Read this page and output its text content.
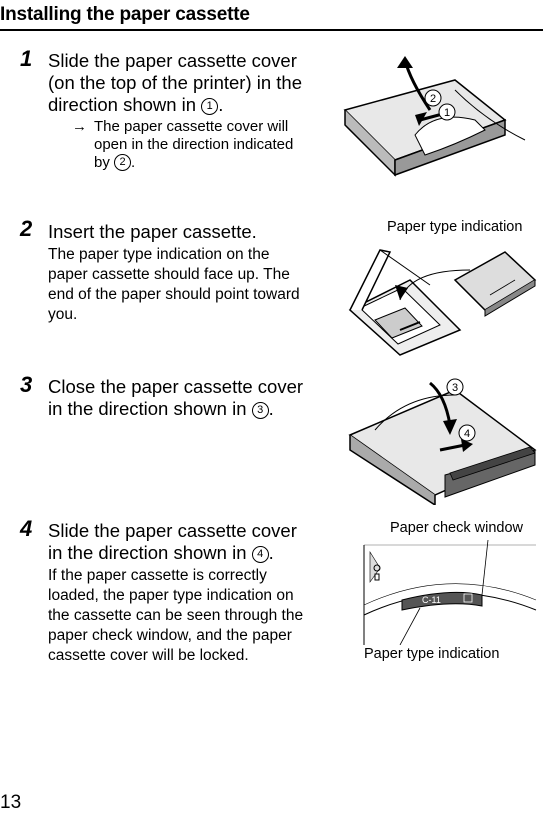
Installing the paper cassette
1 Slide the paper cassette cover
(on the top of the printer) in the
direction shown in 1 .
→ The paper cassette cover will
open in the direction indicated
by 2 .
2
1
2 Insert the paper cassette.
The paper type indication on the
paper cassette should face up. The
end of the paper should point toward
you.
Paper type indication
3 Close the paper cassette cover
in the direction shown in 3 .
3
4
4 Slide the paper cassette cover
in the direction shown in 4 .
If the paper cassette is correctly
loaded, the paper type indication on
the cassette can be seen through the
paper check window, and the paper
cassette cover will be locked.
Paper check window
Paper type indication
C-11
13
